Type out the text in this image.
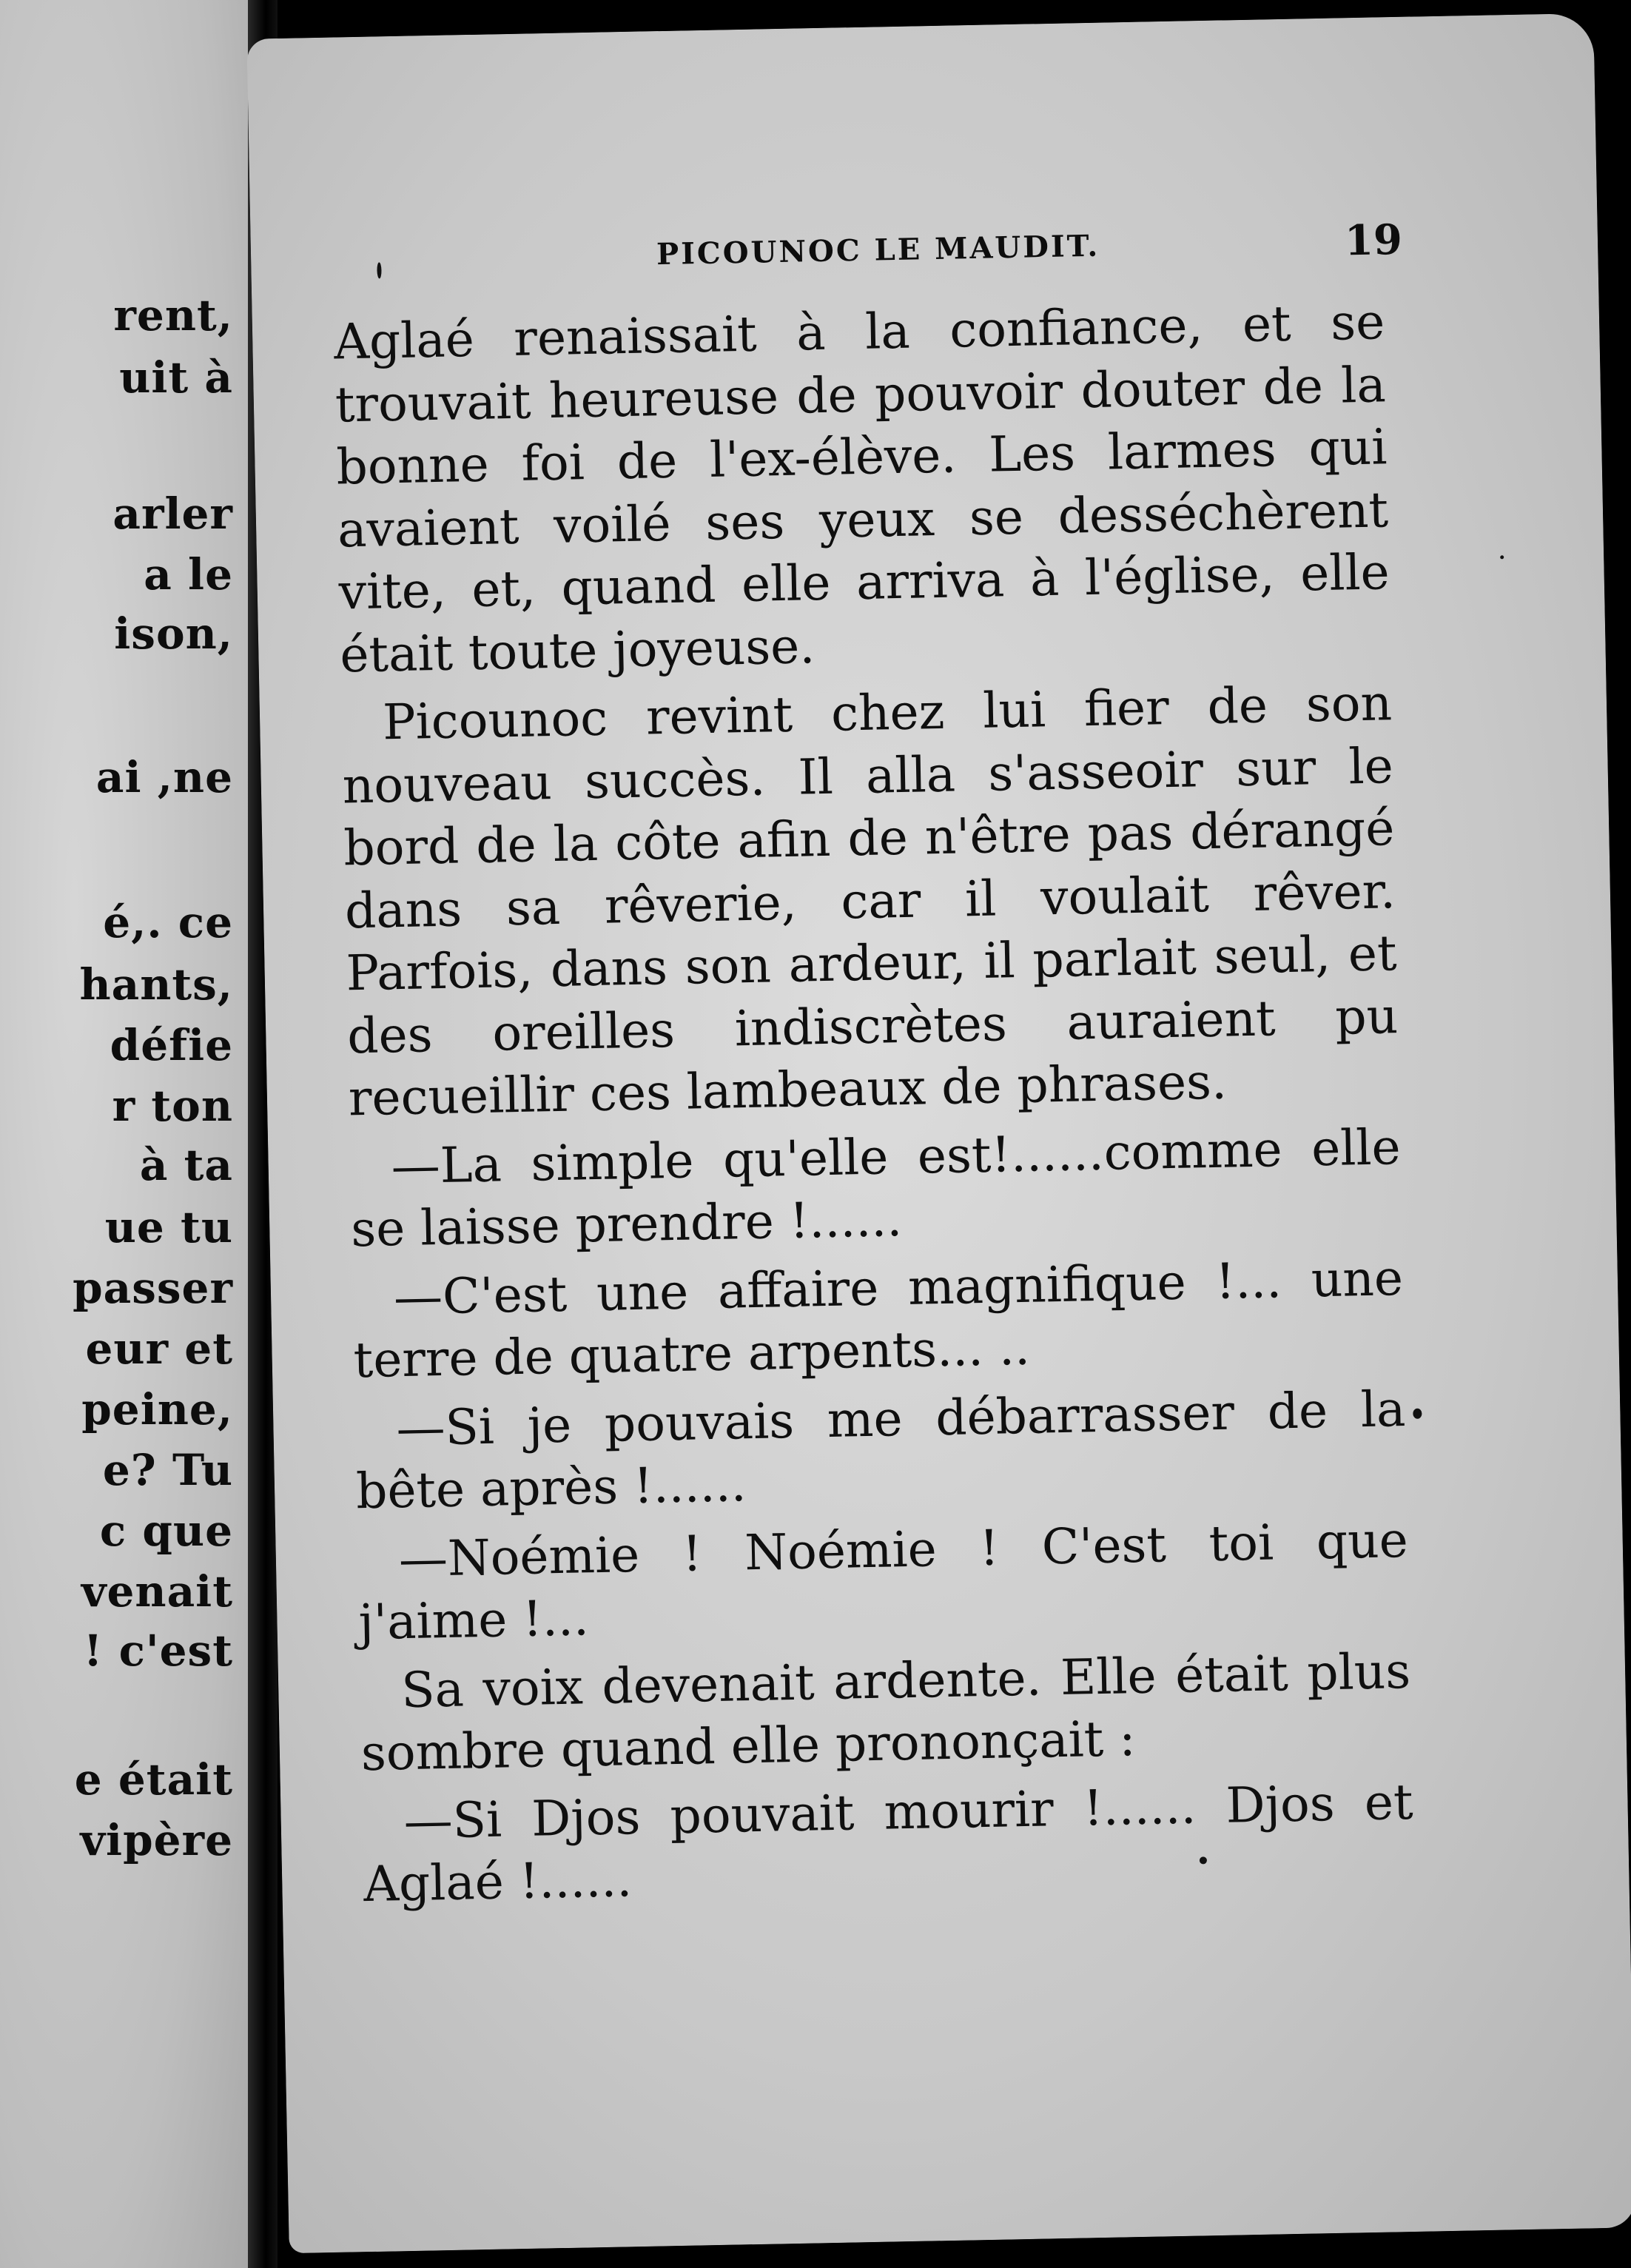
rent,
uit à
arler
a le
ison,
ai ,ne
é,. ce
hants,
défie
r ton
à ta
ue tu
passer
eur et
peine,
e? Tu
c que
venait
! c'est
e était
vipère
PICOUNOC LE MAUDIT.	19

Aglaé renaissait à la confiance, et se trouvait heureuse de pouvoir douter de la bonne foi de l'ex-élève. Les larmes qui avaient voilé ses yeux se desséchèrent vite, et, quand elle arriva à l'église, elle était toute joyeuse.

Picounoc revint chez lui fier de son nouveau succès. Il alla s'asseoir sur le bord de la côte afin de n'être pas dérangé dans sa rêverie, car il voulait rêver. Parfois, dans son ardeur, il parlait seul, et des oreilles indiscrètes auraient pu recueillir ces lambeaux de phrases.

—La simple qu'elle est!......comme elle se laisse prendre !......

—C'est une affaire magnifique !... une terre de quatre arpents... ..

—Si je pouvais me débarrasser de la bête après !......

—Noémie ! Noémie ! C'est toi que j'aime !...

Sa voix devenait ardente. Elle était plus sombre quand elle prononçait :

—Si Djos pouvait mourir !...... Djos et Aglaé !......
